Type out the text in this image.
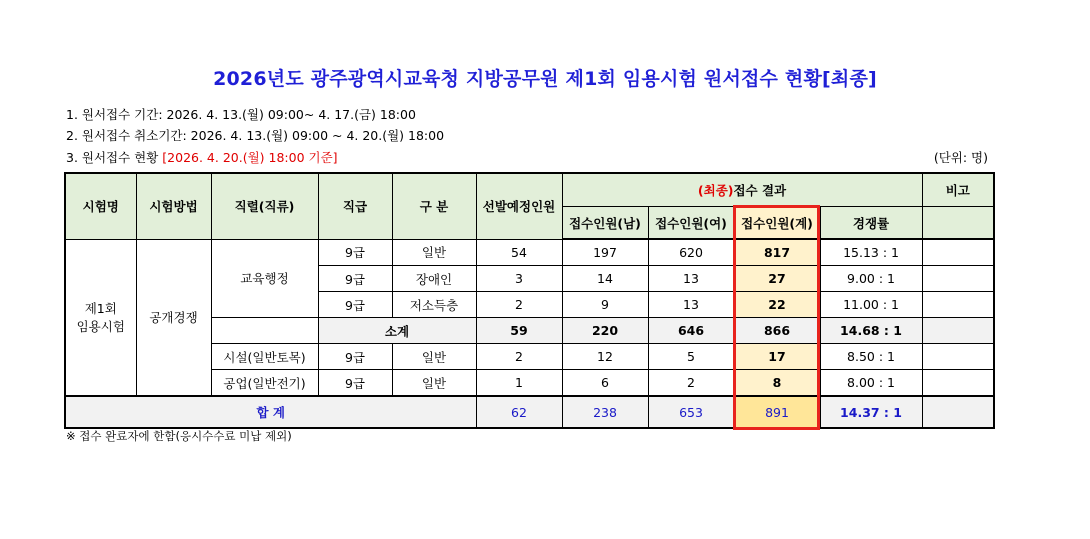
2026년도 광주광역시교육청 지방공무원 제1회 임용시험 원서접수 현황[최종]
1. 원서접수 기간: 2026. 4. 13.(월) 09:00~ 4. 17.(금) 18:00
2. 원서접수 취소기간: 2026. 4. 13.(월) 09:00 ~ 4. 20.(월) 18:00
3. 원서접수 현황 [2026. 4. 20.(월) 18:00 기준]	(단위: 명)
시험명	시험방법	직렬(직류)	직급	구 분	선발예정인원	(최종)접수 결과				비고
						접수인원(남)	접수인원(여)	접수인원(계)	경쟁률	
제1회
임용시험	공개경쟁	교육행정	9급	일반	54	197	620	817	15.13 : 1	
			9급	장애인	3	14	13	27	9.00 : 1	
			9급	저소득층	2	9	13	22	11.00 : 1	
			소계		59	220	646	866	14.68 : 1	
		시설(일반토목)	9급	일반	2	12	5	17	8.50 : 1	
		공업(일반전기)	9급	일반	1	6	2	8	8.00 : 1	
합 계					62	238	653	891	14.37 : 1	
※ 접수 완료자에 한함(응시수수료 미납 제외)
